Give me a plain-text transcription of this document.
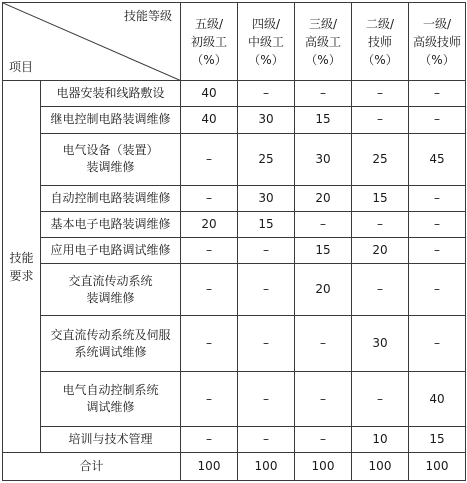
技能等级

项目		五级/
初级工
（%）	四级/
中级工
（%）	三级/
高级工
（%）	二级/
技师
（%）	一级/
高级技师
（%）
技能
要求	电器安装和线路敷设	40	–	–	–	–
	继电控制电路装调维修	40	30	15	–	–
	电气设备（装置）
装调维修	–	25	30	25	45
	自动控制电路装调维修	–	30	20	15	–
	基本电子电路装调维修	20	15	–	–	–
	应用电子电路调试维修	–	–	15	20	–
	交直流传动系统
装调维修	–	–	20	–	–
	交直流传动系统及伺服
系统调试维修	–	–	–	30	–
	电气自动控制系统
调试维修	–	–	–	–	40
	培训与技术管理	–	–	–	10	15
合计		100	100	100	100	100
